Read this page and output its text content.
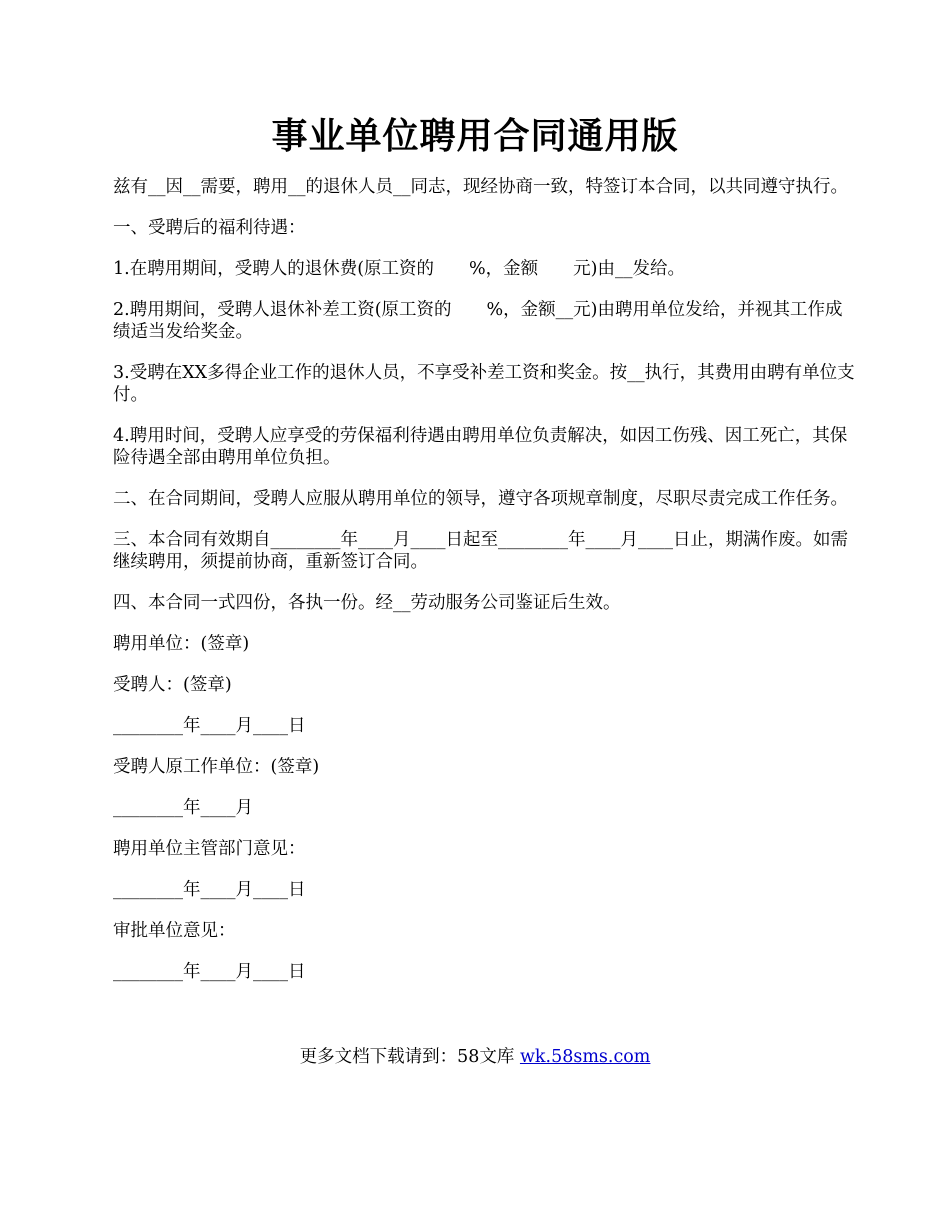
事业单位聘用合同通用版

兹有__因__需要，聘用__的退休人员__同志，现经协商一致，特签订本合同，以共同遵守执行。

一、受聘后的福利待遇：

1.在聘用期间，受聘人的退休费(原工资的　　%，金额　　元)由__发给。

2.聘用期间，受聘人退休补差工资(原工资的　　%，金额__元)由聘用单位发给，并视其工作成绩适当发给奖金。

3.受聘在XX多得企业工作的退休人员，不享受补差工资和奖金。按__执行，其费用由聘有单位支付。

4.聘用时间，受聘人应享受的劳保福利待遇由聘用单位负责解决，如因工伤残、因工死亡，其保险待遇全部由聘用单位负担。

二、在合同期间，受聘人应服从聘用单位的领导，遵守各项规章制度，尽职尽责完成工作任务。

三、本合同有效期自________年____月____日起至________年____月____日止，期满作废。如需继续聘用，须提前协商，重新签订合同。

四、本合同一式四份，各执一份。经__劳动服务公司鉴证后生效。

聘用单位：(签章)

受聘人：(签章)

________年____月____日

受聘人原工作单位：(签章)

________年____月

聘用单位主管部门意见：

________年____月____日

审批单位意见：

________年____月____日

更多文档下载请到：58文库 wk.58sms.com
